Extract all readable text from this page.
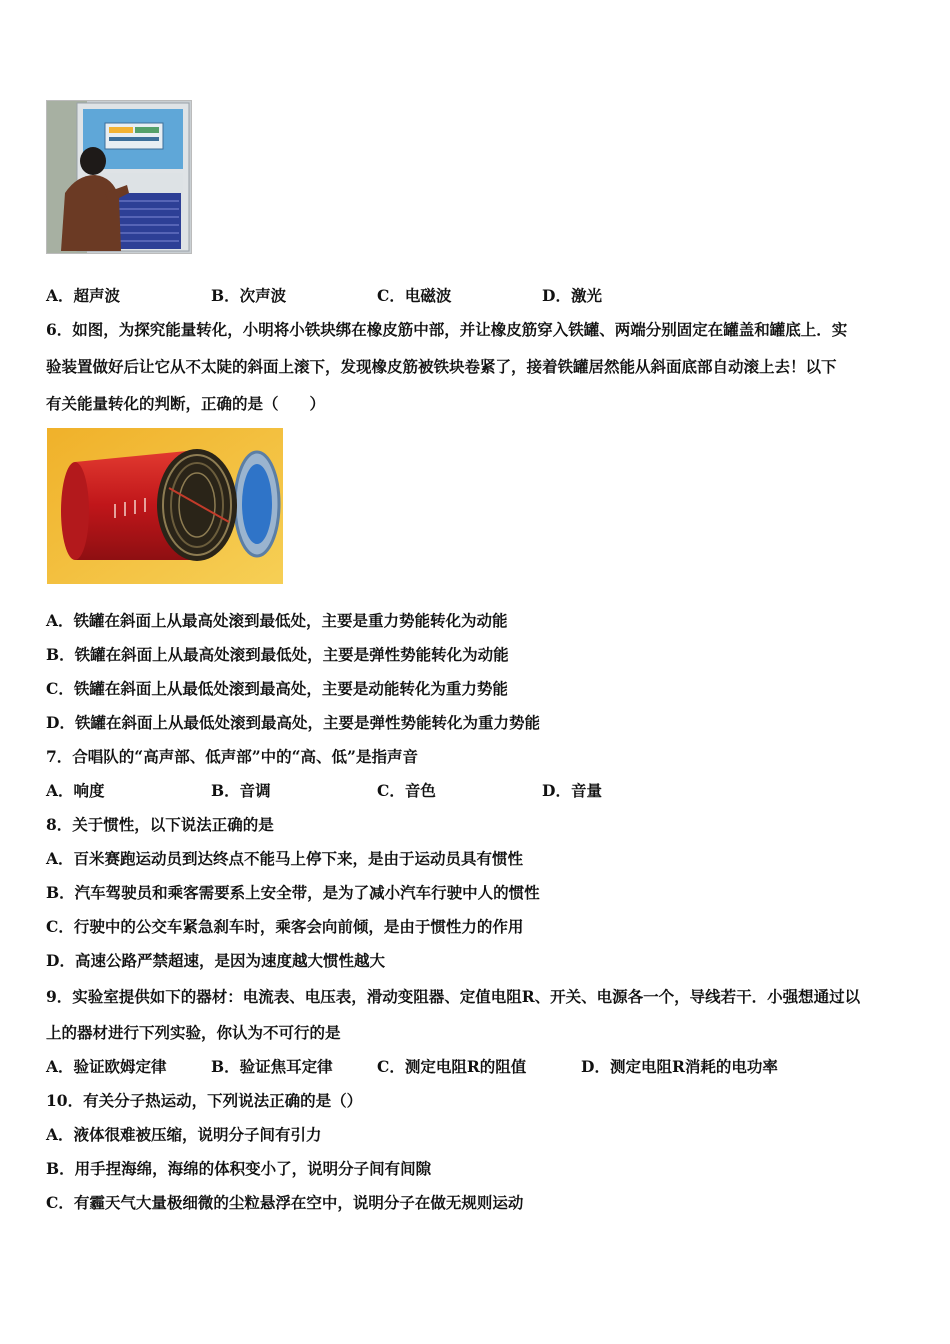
A．超声波	B．次声波	C．电磁波	D．激光
6．如图，为探究能量转化，小明将小铁块绑在橡皮筋中部，并让橡皮筋穿入铁罐、两端分别固定在罐盖和罐底上．实
验装置做好后让它从不太陡的斜面上滚下，发现橡皮筋被铁块卷紧了，接着铁罐居然能从斜面底部自动滚上去！以下
有关能量转化的判断，正确的是（　　）
A．铁罐在斜面上从最高处滚到最低处，主要是重力势能转化为动能
B．铁罐在斜面上从最高处滚到最低处，主要是弹性势能转化为动能
C．铁罐在斜面上从最低处滚到最高处，主要是动能转化为重力势能
D．铁罐在斜面上从最低处滚到最高处，主要是弹性势能转化为重力势能
7．合唱队的“高声部、低声部”中的“高、低”是指声音
A．响度	B．音调	C．音色	D．音量
8．关于惯性，以下说法正确的是
A．百米赛跑运动员到达终点不能马上停下来，是由于运动员具有惯性
B．汽车驾驶员和乘客需要系上安全带，是为了减小汽车行驶中人的惯性
C．行驶中的公交车紧急刹车时，乘客会向前倾，是由于惯性力的作用
D．高速公路严禁超速，是因为速度越大惯性越大
9．实验室提供如下的器材：电流表、电压表，滑动变阻器、定值电阻R、开关、电源各一个，导线若干．小强想通过以
上的器材进行下列实验，你认为不可行的是
A．验证欧姆定律	B．验证焦耳定律	C．测定电阻R的阻值	D．测定电阻R消耗的电功率
10．有关分子热运动，下列说法正确的是（）
A．液体很难被压缩，说明分子间有引力
B．用手捏海绵，海绵的体积变小了，说明分子间有间隙
C．有霾天气大量极细微的尘粒悬浮在空中，说明分子在做无规则运动
